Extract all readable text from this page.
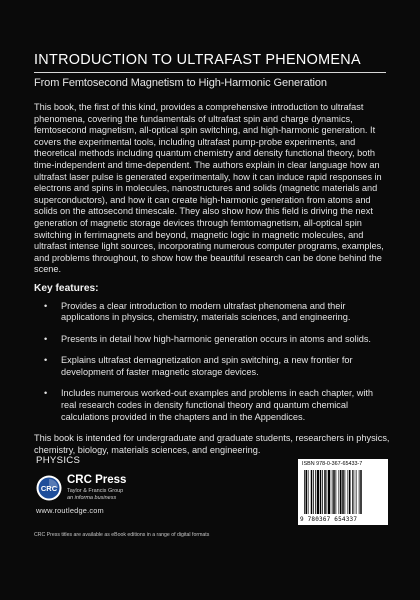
INTRODUCTION TO ULTRAFAST PHENOMENA
From Femtosecond Magnetism to High-Harmonic Generation

This book, the first of this kind, provides a comprehensive introduction to ultrafast phenomena, covering the fundamentals of ultrafast spin and charge dynamics, femtosecond magnetism, all-optical spin switching, and high-harmonic generation. It covers the experimental tools, including ultrafast pump-probe experiments, and theoretical methods including quantum chemistry and density functional theory, both time-independent and time-dependent. The authors explain in clear language how an ultrafast laser pulse is generated experimentally, how it can induce rapid responses in electrons and spins in molecules, nanostructures and solids (magnetic materials and superconductors), and how it can create high-harmonic generation from atoms and solids on the attosecond timescale. They also show how this field is driving the next generation of magnetic storage devices through femtomagnetism, all-optical spin switching in ferrimagnets and beyond, magnetic logic in magnetic molecules, and ultrafast intense light sources, incorporating numerous computer programs, examples, and problems throughout, to show how the beautiful research can be done behind the scene.

Key features:
• Provides a clear introduction to modern ultrafast phenomena and their applications in physics, chemistry, materials sciences, and engineering.
• Presents in detail how high-harmonic generation occurs in atoms and solids.
• Explains ultrafast demagnetization and spin switching, a new frontier for development of faster magnetic storage devices.
• Includes numerous worked-out examples and problems in each chapter, with real research codes in density functional theory and quantum chemical calculations provided in the chapters and in the Appendices.

This book is intended for undergraduate and graduate students, researchers in physics, chemistry, biology, materials sciences, and engineering.

PHYSICS
CRC
CRC Press
Taylor & Francis Group
an informa business
www.routledge.com
ISBN 978-0-367-65433-7
9 780367 654337
CRC Press titles are available as eBook editions in a range of digital formats
